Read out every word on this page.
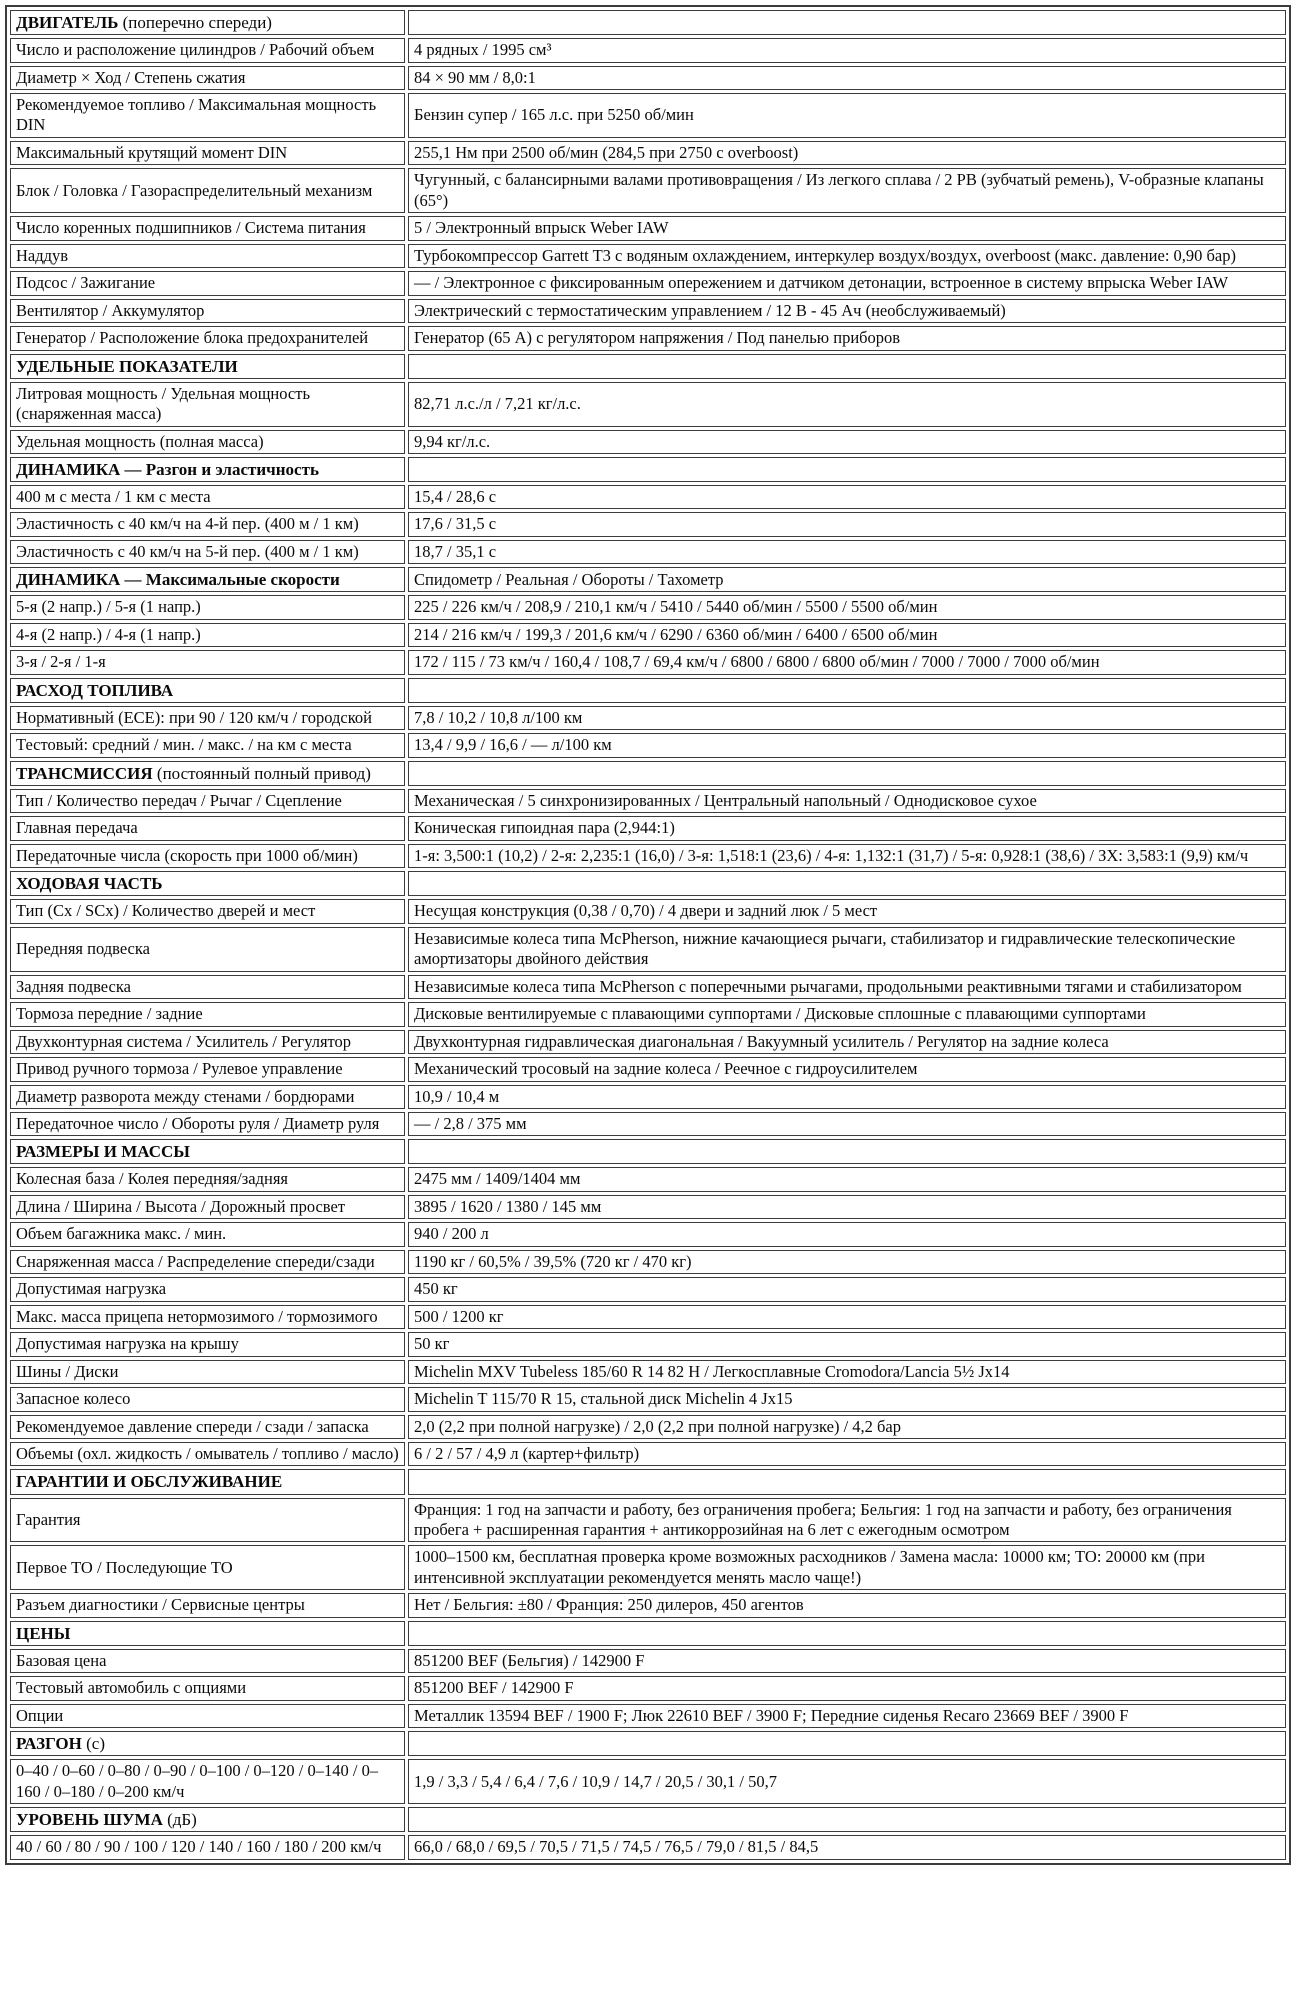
ДВИГАТЕЛЬ (поперечно спереди)	
Число и расположение цилиндров / Рабочий объем	4 рядных / 1995 см³
Диаметр × Ход / Степень сжатия	84 × 90 мм / 8,0:1
Рекомендуемое топливо / Максимальная мощность DIN	Бензин супер / 165 л.с. при 5250 об/мин
Максимальный крутящий момент DIN	255,1 Нм при 2500 об/мин (284,5 при 2750 с overboost)
Блок / Головка / Газораспределительный механизм	Чугунный, с балансирными валами противовращения / Из легкого сплава / 2 РВ (зубчатый ремень), V-образные клапаны (65°)
Число коренных подшипников / Система питания	5 / Электронный впрыск Weber IAW
Наддув	Турбокомпрессор Garrett T3 с водяным охлаждением, интеркулер воздух/воздух, overboost (макс. давление: 0,90 бар)
Подсос / Зажигание	— / Электронное с фиксированным опережением и датчиком детонации, встроенное в систему впрыска Weber IAW
Вентилятор / Аккумулятор	Электрический с термостатическим управлением / 12 В - 45 Ач (необслуживаемый)
Генератор / Расположение блока предохранителей	Генератор (65 А) с регулятором напряжения / Под панелью приборов
УДЕЛЬНЫЕ ПОКАЗАТЕЛИ	
Литровая мощность / Удельная мощность (снаряженная масса)	82,71 л.с./л / 7,21 кг/л.с.
Удельная мощность (полная масса)	9,94 кг/л.с.
ДИНАМИКА — Разгон и эластичность	
400 м с места / 1 км с места	15,4 / 28,6 с
Эластичность с 40 км/ч на 4-й пер. (400 м / 1 км)	17,6 / 31,5 с
Эластичность с 40 км/ч на 5-й пер. (400 м / 1 км)	18,7 / 35,1 с
ДИНАМИКА — Максимальные скорости	Спидометр / Реальная / Обороты / Тахометр
5-я (2 напр.) / 5-я (1 напр.)	225 / 226 км/ч / 208,9 / 210,1 км/ч / 5410 / 5440 об/мин / 5500 / 5500 об/мин
4-я (2 напр.) / 4-я (1 напр.)	214 / 216 км/ч / 199,3 / 201,6 км/ч / 6290 / 6360 об/мин / 6400 / 6500 об/мин
3-я / 2-я / 1-я	172 / 115 / 73 км/ч / 160,4 / 108,7 / 69,4 км/ч / 6800 / 6800 / 6800 об/мин / 7000 / 7000 / 7000 об/мин
РАСХОД ТОПЛИВА	
Нормативный (ECE): при 90 / 120 км/ч / городской	7,8 / 10,2 / 10,8 л/100 км
Тестовый: средний / мин. / макс. / на км с места	13,4 / 9,9 / 16,6 / — л/100 км
ТРАНСМИССИЯ (постоянный полный привод)	
Тип / Количество передач / Рычаг / Сцепление	Механическая / 5 синхронизированных / Центральный напольный / Однодисковое сухое
Главная передача	Коническая гипоидная пара (2,944:1)
Передаточные числа (скорость при 1000 об/мин)	1-я: 3,500:1 (10,2) / 2-я: 2,235:1 (16,0) / 3-я: 1,518:1 (23,6) / 4-я: 1,132:1 (31,7) / 5-я: 0,928:1 (38,6) / ЗХ: 3,583:1 (9,9) км/ч
ХОДОВАЯ ЧАСТЬ	
Тип (Cx / SCx) / Количество дверей и мест	Несущая конструкция (0,38 / 0,70) / 4 двери и задний люк / 5 мест
Передняя подвеска	Независимые колеса типа McPherson, нижние качающиеся рычаги, стабилизатор и гидравлические телескопические амортизаторы двойного действия
Задняя подвеска	Независимые колеса типа McPherson с поперечными рычагами, продольными реактивными тягами и стабилизатором
Тормоза передние / задние	Дисковые вентилируемые с плавающими суппортами / Дисковые сплошные с плавающими суппортами
Двухконтурная система / Усилитель / Регулятор	Двухконтурная гидравлическая диагональная / Вакуумный усилитель / Регулятор на задние колеса
Привод ручного тормоза / Рулевое управление	Механический тросовый на задние колеса / Реечное с гидроусилителем
Диаметр разворота между стенами / бордюрами	10,9 / 10,4 м
Передаточное число / Обороты руля / Диаметр руля	— / 2,8 / 375 мм
РАЗМЕРЫ И МАССЫ	
Колесная база / Колея передняя/задняя	2475 мм / 1409/1404 мм
Длина / Ширина / Высота / Дорожный просвет	3895 / 1620 / 1380 / 145 мм
Объем багажника макс. / мин.	940 / 200 л
Снаряженная масса / Распределение спереди/сзади	1190 кг / 60,5% / 39,5% (720 кг / 470 кг)
Допустимая нагрузка	450 кг
Макс. масса прицепа нетормозимого / тормозимого	500 / 1200 кг
Допустимая нагрузка на крышу	50 кг
Шины / Диски	Michelin MXV Tubeless 185/60 R 14 82 H / Легкосплавные Cromodora/Lancia 5½ Jx14
Запасное колесо	Michelin T 115/70 R 15, стальной диск Michelin 4 Jx15
Рекомендуемое давление спереди / сзади / запаска	2,0 (2,2 при полной нагрузке) / 2,0 (2,2 при полной нагрузке) / 4,2 бар
Объемы (охл. жидкость / омыватель / топливо / масло)	6 / 2 / 57 / 4,9 л (картер+фильтр)
ГАРАНТИИ И ОБСЛУЖИВАНИЕ	
Гарантия	Франция: 1 год на запчасти и работу, без ограничения пробега; Бельгия: 1 год на запчасти и работу, без ограничения пробега + расширенная гарантия + антикоррозийная на 6 лет с ежегодным осмотром
Первое ТО / Последующие ТО	1000–1500 км, бесплатная проверка кроме возможных расходников / Замена масла: 10000 км; ТО: 20000 км (при интенсивной эксплуатации рекомендуется менять масло чаще!)
Разъем диагностики / Сервисные центры	Нет / Бельгия: ±80 / Франция: 250 дилеров, 450 агентов
ЦЕНЫ	
Базовая цена	851200 BEF (Бельгия) / 142900 F
Тестовый автомобиль с опциями	851200 BEF / 142900 F
Опции	Металлик 13594 BEF / 1900 F; Люк 22610 BEF / 3900 F; Передние сиденья Recaro 23669 BEF / 3900 F
РАЗГОН (с)	
0–40 / 0–60 / 0–80 / 0–90 / 0–100 / 0–120 / 0–140 / 0–160 / 0–180 / 0–200 км/ч	1,9 / 3,3 / 5,4 / 6,4 / 7,6 / 10,9 / 14,7 / 20,5 / 30,1 / 50,7
УРОВЕНЬ ШУМА (дБ)	
40 / 60 / 80 / 90 / 100 / 120 / 140 / 160 / 180 / 200 км/ч	66,0 / 68,0 / 69,5 / 70,5 / 71,5 / 74,5 / 76,5 / 79,0 / 81,5 / 84,5
